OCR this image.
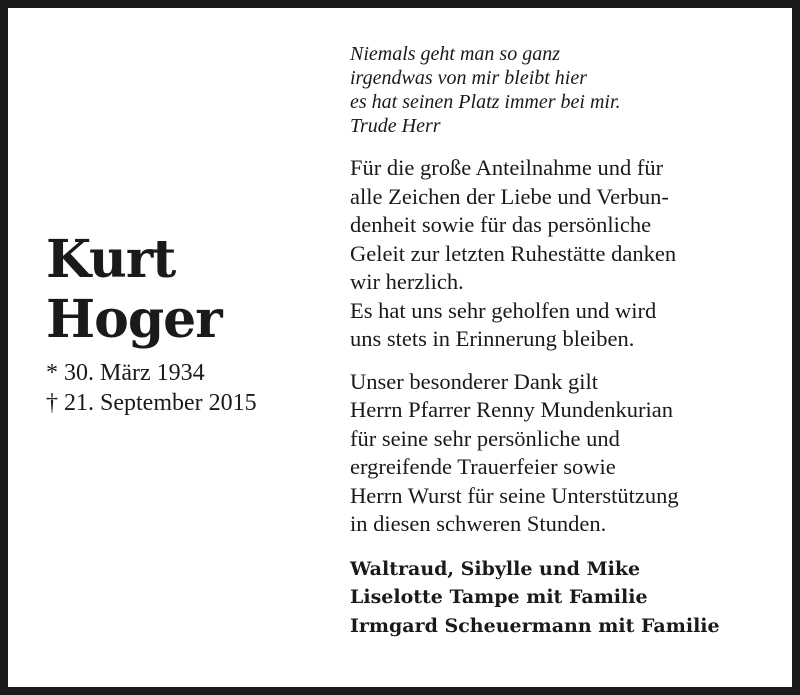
Kurt
Hoger
* 30. März 1934
† 21. September 2015
Niemals geht man so ganz
irgendwas von mir bleibt hier
es hat seinen Platz immer bei mir.
Trude Herr
Für die große Anteilnahme und für
alle Zeichen der Liebe und Verbun-
denheit sowie für das persönliche
Geleit zur letzten Ruhestätte danken
wir herzlich.
Es hat uns sehr geholfen und wird
uns stets in Erinnerung bleiben.
Unser besonderer Dank gilt
Herrn Pfarrer Renny Mundenkurian
für seine sehr persönliche und
ergreifende Trauerfeier sowie
Herrn Wurst für seine Unterstützung
in diesen schweren Stunden.
Waltraud, Sibylle und Mike
Liselotte Tampe mit Familie
Irmgard Scheuermann mit Familie
